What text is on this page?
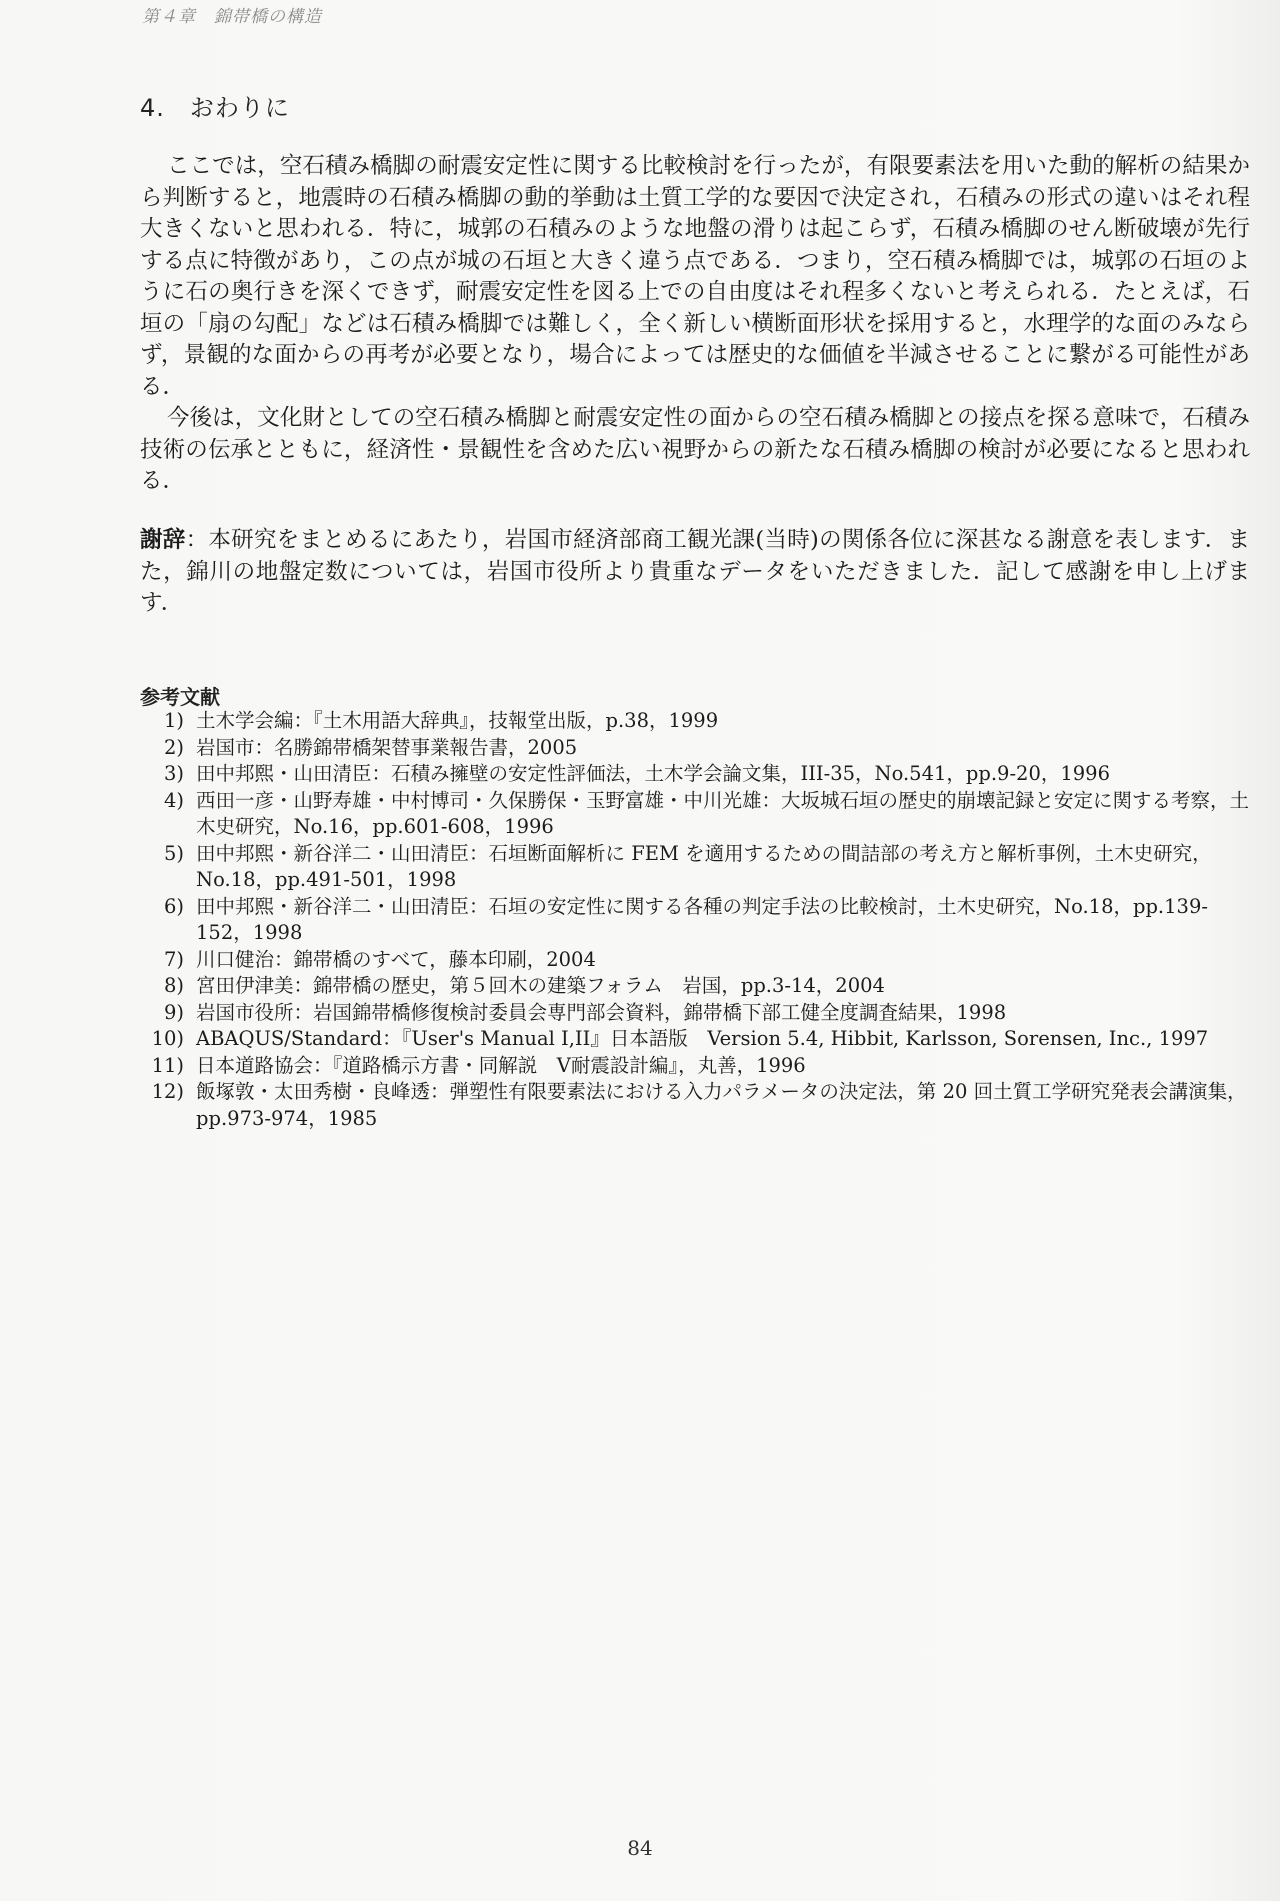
第４章　錦帯橋の構造
4.　おわりに

ここでは，空石積み橋脚の耐震安定性に関する比較検討を行ったが，有限要素法を用いた動的解析の結果から判断すると，地震時の石積み橋脚の動的挙動は土質工学的な要因で決定され，石積みの形式の違いはそれ程大きくないと思われる．特に，城郭の石積みのような地盤の滑りは起こらず，石積み橋脚のせん断破壊が先行する点に特徴があり，この点が城の石垣と大きく違う点である．つまり，空石積み橋脚では，城郭の石垣のように石の奥行きを深くできず，耐震安定性を図る上での自由度はそれ程多くないと考えられる．たとえば，石垣の「扇の勾配」などは石積み橋脚では難しく，全く新しい横断面形状を採用すると，水理学的な面のみならず，景観的な面からの再考が必要となり，場合によっては歴史的な価値を半減させることに繋がる可能性がある．

今後は，文化財としての空石積み橋脚と耐震安定性の面からの空石積み橋脚との接点を探る意味で，石積み技術の伝承とともに，経済性・景観性を含めた広い視野からの新たな石積み橋脚の検討が必要になると思われる．

謝辞：本研究をまとめるにあたり，岩国市経済部商工観光課(当時)の関係各位に深甚なる謝意を表します．また，錦川の地盤定数については，岩国市役所より貴重なデータをいただきました．記して感謝を申し上げます．

参考文献
1) 土木学会編：『土木用語大辞典』，技報堂出版，p.38，1999
2) 岩国市：名勝錦帯橋架替事業報告書，2005
3) 田中邦熙・山田清臣：石積み擁壁の安定性評価法，土木学会論文集，III-35，No.541，pp.9-20，1996
4) 西田一彦・山野寿雄・中村博司・久保勝保・玉野富雄・中川光雄：大坂城石垣の歴史的崩壊記録と安定に関する考察，土木史研究，No.16，pp.601-608，1996
5) 田中邦熙・新谷洋二・山田清臣：石垣断面解析に FEM を適用するための間詰部の考え方と解析事例，土木史研究，No.18，pp.491-501，1998
6) 田中邦熙・新谷洋二・山田清臣：石垣の安定性に関する各種の判定手法の比較検討，土木史研究，No.18，pp.139-152，1998
7) 川口健治：錦帯橋のすべて，藤本印刷，2004
8) 宮田伊津美：錦帯橋の歴史，第５回木の建築フォラム　岩国，pp.3-14，2004
9) 岩国市役所：岩国錦帯橋修復検討委員会専門部会資料，錦帯橋下部工健全度調査結果，1998
10) ABAQUS/Standard：『User's Manual I,II』日本語版　Version 5.4, Hibbit, Karlsson, Sorensen, Inc., 1997
11) 日本道路協会：『道路橋示方書・同解説　V耐震設計編』，丸善，1996
12) 飯塚敦・太田秀樹・良峰透：弾塑性有限要素法における入力パラメータの決定法，第 20 回土質工学研究発表会講演集，pp.973-974，1985
84
